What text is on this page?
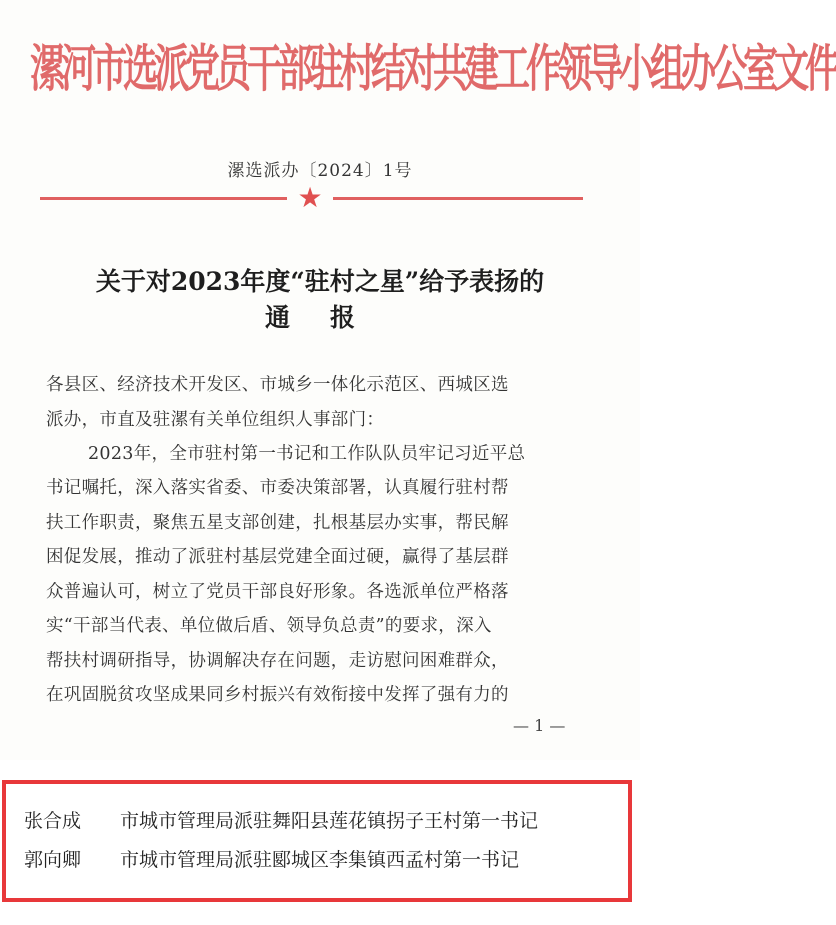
漯河市选派党员干部驻村结对共建工作领导小组办公室文件
漯选派办〔2024〕1号
★
关于对2023年度“驻村之星”给予表扬的
通报
各县区、经济技术开发区、市城乡一体化示范区、西城区选
派办，市直及驻漯有关单位组织人事部门：
2023年，全市驻村第一书记和工作队队员牢记习近平总
书记嘱托，深入落实省委、市委决策部署，认真履行驻村帮
扶工作职责，聚焦五星支部创建，扎根基层办实事，帮民解
困促发展，推动了派驻村基层党建全面过硬，赢得了基层群
众普遍认可，树立了党员干部良好形象。各选派单位严格落
实“干部当代表、单位做后盾、领导负总责”的要求，深入
帮扶村调研指导，协调解决存在问题，走访慰问困难群众，
在巩固脱贫攻坚成果同乡村振兴有效衔接中发挥了强有力的
— 1 —
张合成 市城市管理局派驻舞阳县莲花镇拐子王村第一书记
郭向卿 市城市管理局派驻郾城区李集镇西孟村第一书记
